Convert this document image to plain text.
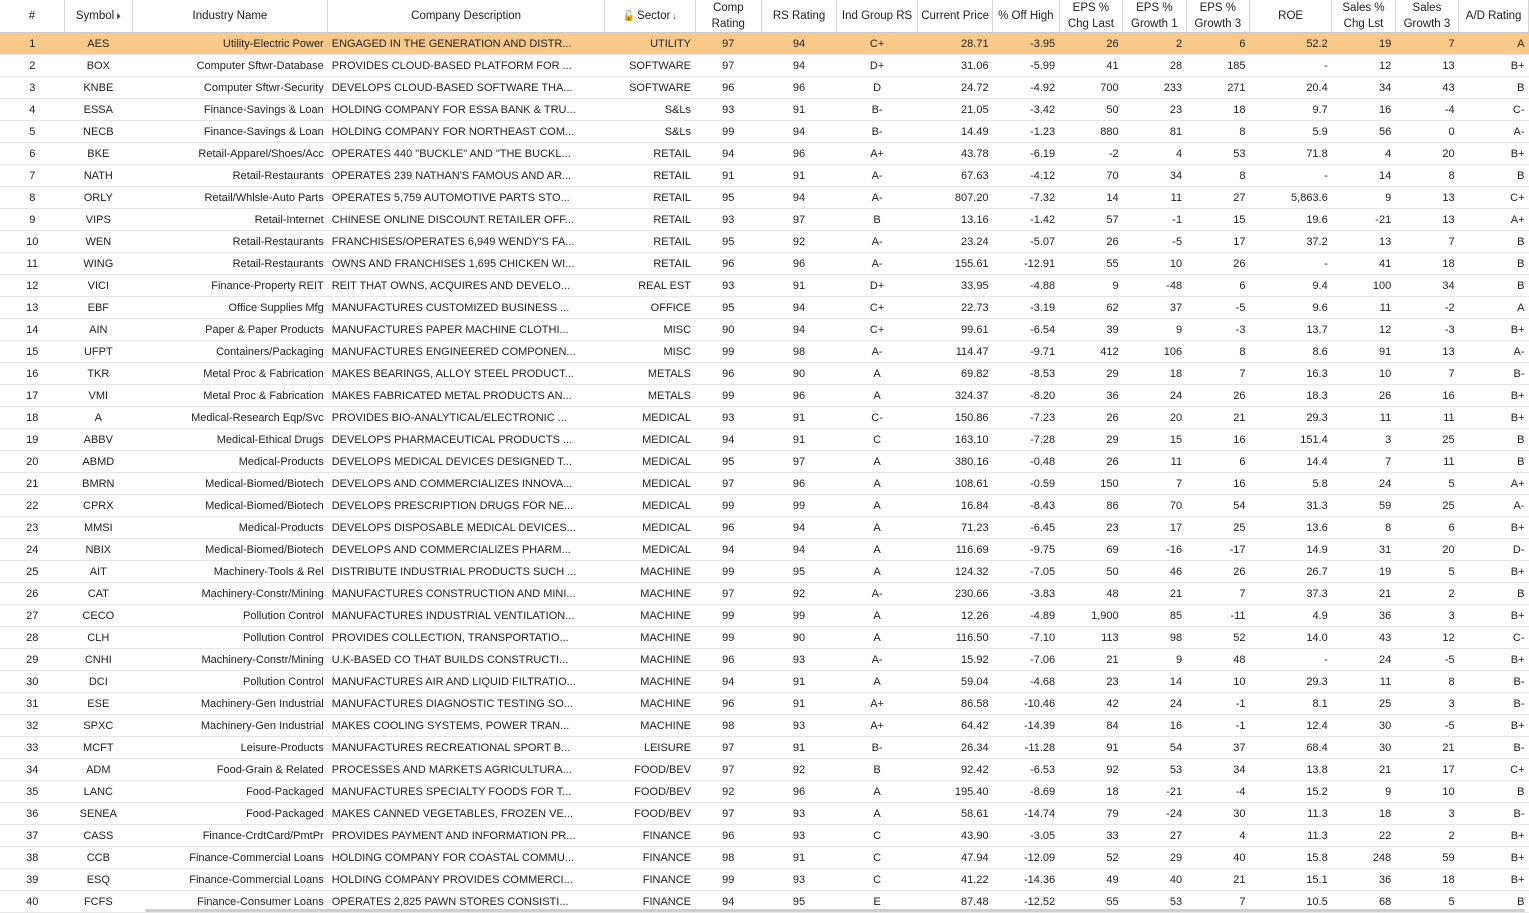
#	Symbol ⏵	Industry Name	Company Description	🔓 Sector ↓	Comp Rating	RS Rating	Ind Group RS	Current Price	% Off High	EPS % Chg Last	EPS % Growth 1	EPS % Growth 3	ROE	Sales % Chg Lst	Sales Growth 3	A/D Rating
1	AES	Utility-Electric Power	ENGAGED IN THE GENERATION AND DISTR...	UTILITY	97	94	C+	28.71	-3.95	26	2	6	52.2	19	7	A
2	BOX	Computer Sftwr-Database	PROVIDES CLOUD-BASED PLATFORM FOR ...	SOFTWARE	97	94	D+	31.06	-5.99	41	28	185	-	12	13	B+
3	KNBE	Computer Sftwr-Security	DEVELOPS CLOUD-BASED SOFTWARE THA...	SOFTWARE	96	96	D	24.72	-4.92	700	233	271	20.4	34	43	B
4	ESSA	Finance-Savings & Loan	HOLDING COMPANY FOR ESSA BANK & TRU...	S&Ls	93	91	B-	21.05	-3.42	50	23	18	9.7	16	-4	C-
5	NECB	Finance-Savings & Loan	HOLDING COMPANY FOR NORTHEAST COM...	S&Ls	99	94	B-	14.49	-1.23	880	81	8	5.9	56	0	A-
6	BKE	Retail-Apparel/Shoes/Acc	OPERATES 440 "BUCKLE" AND "THE BUCKL...	RETAIL	94	96	A+	43.78	-6.19	-2	4	53	71.8	4	20	B+
7	NATH	Retail-Restaurants	OPERATES 239 NATHAN'S FAMOUS AND AR...	RETAIL	91	91	A-	67.63	-4.12	70	34	8	-	14	8	B
8	ORLY	Retail/Whlsle-Auto Parts	OPERATES 5,759 AUTOMOTIVE PARTS STO...	RETAIL	95	94	A-	807.20	-7.32	14	11	27	5,863.6	9	13	C+
9	VIPS	Retail-Internet	CHINESE ONLINE DISCOUNT RETAILER OFF...	RETAIL	93	97	B	13.16	-1.42	57	-1	15	19.6	-21	13	A+
10	WEN	Retail-Restaurants	FRANCHISES/OPERATES 6,949 WENDY'S FA...	RETAIL	95	92	A-	23.24	-5.07	26	-5	17	37.2	13	7	B
11	WING	Retail-Restaurants	OWNS AND FRANCHISES 1,695 CHICKEN WI...	RETAIL	96	96	A-	155.61	-12.91	55	10	26	-	41	18	B
12	VICI	Finance-Property REIT	REIT THAT OWNS, ACQUIRES AND DEVELO...	REAL EST	93	91	D+	33.95	-4.88	9	-48	6	9.4	100	34	B
13	EBF	Office Supplies Mfg	MANUFACTURES CUSTOMIZED BUSINESS ...	OFFICE	95	94	C+	22.73	-3.19	62	37	-5	9.6	11	-2	A
14	AIN	Paper & Paper Products	MANUFACTURES PAPER MACHINE CLOTHI...	MISC	90	94	C+	99.61	-6.54	39	9	-3	13.7	12	-3	B+
15	UFPT	Containers/Packaging	MANUFACTURES ENGINEERED COMPONEN...	MISC	99	98	A-	114.47	-9.71	412	106	8	8.6	91	13	A-
16	TKR	Metal Proc & Fabrication	MAKES BEARINGS, ALLOY STEEL PRODUCT...	METALS	96	90	A	69.82	-8.53	29	18	7	16.3	10	7	B-
17	VMI	Metal Proc & Fabrication	MAKES FABRICATED METAL PRODUCTS AN...	METALS	99	96	A	324.37	-8.20	36	24	26	18.3	26	16	B+
18	A	Medical-Research Eqp/Svc	PROVIDES BIO-ANALYTICAL/ELECTRONIC ...	MEDICAL	93	91	C-	150.86	-7.23	26	20	21	29.3	11	11	B+
19	ABBV	Medical-Ethical Drugs	DEVELOPS PHARMACEUTICAL PRODUCTS ...	MEDICAL	94	91	C	163.10	-7.28	29	15	16	151.4	3	25	B
20	ABMD	Medical-Products	DEVELOPS MEDICAL DEVICES DESIGNED T...	MEDICAL	95	97	A	380.16	-0.48	26	11	6	14.4	7	11	B
21	BMRN	Medical-Biomed/Biotech	DEVELOPS AND COMMERCIALIZES INNOVA...	MEDICAL	97	96	A	108.61	-0.59	150	7	16	5.8	24	5	A+
22	CPRX	Medical-Biomed/Biotech	DEVELOPS PRESCRIPTION DRUGS FOR NE...	MEDICAL	99	99	A	16.84	-8.43	86	70	54	31.3	59	25	A-
23	MMSI	Medical-Products	DEVELOPS DISPOSABLE MEDICAL DEVICES...	MEDICAL	96	94	A	71.23	-6.45	23	17	25	13.6	8	6	B+
24	NBIX	Medical-Biomed/Biotech	DEVELOPS AND COMMERCIALIZES PHARM...	MEDICAL	94	94	A	116.69	-9.75	69	-16	-17	14.9	31	20	D-
25	AIT	Machinery-Tools & Rel	DISTRIBUTE INDUSTRIAL PRODUCTS SUCH ...	MACHINE	99	95	A	124.32	-7.05	50	46	26	26.7	19	5	B+
26	CAT	Machinery-Constr/Mining	MANUFACTURES CONSTRUCTION AND MINI...	MACHINE	97	92	A-	230.66	-3.83	48	21	7	37.3	21	2	B
27	CECO	Pollution Control	MANUFACTURES INDUSTRIAL VENTILATION...	MACHINE	99	99	A	12.26	-4.89	1,900	85	-11	4.9	36	3	B+
28	CLH	Pollution Control	PROVIDES COLLECTION, TRANSPORTATIO...	MACHINE	99	90	A	116.50	-7.10	113	98	52	14.0	43	12	C-
29	CNHI	Machinery-Constr/Mining	U.K-BASED CO THAT BUILDS CONSTRUCTI...	MACHINE	96	93	A-	15.92	-7.06	21	9	48	-	24	-5	B+
30	DCI	Pollution Control	MANUFACTURES AIR AND LIQUID FILTRATIO...	MACHINE	94	91	A	59.04	-4.68	23	14	10	29.3	11	8	B-
31	ESE	Machinery-Gen Industrial	MANUFACTURES DIAGNOSTIC TESTING SO...	MACHINE	96	91	A+	86.58	-10.46	42	24	-1	8.1	25	3	B-
32	SPXC	Machinery-Gen Industrial	MAKES COOLING SYSTEMS, POWER TRAN...	MACHINE	98	93	A+	64.42	-14.39	84	16	-1	12.4	30	-5	B+
33	MCFT	Leisure-Products	MANUFACTURES RECREATIONAL SPORT B...	LEISURE	97	91	B-	26.34	-11.28	91	54	37	68.4	30	21	B-
34	ADM	Food-Grain & Related	PROCESSES AND MARKETS AGRICULTURA...	FOOD/BEV	97	92	B	92.42	-6.53	92	53	34	13.8	21	17	C+
35	LANC	Food-Packaged	MANUFACTURES SPECIALTY FOODS FOR T...	FOOD/BEV	92	96	A	195.40	-8.69	18	-21	-4	15.2	9	10	B
36	SENEA	Food-Packaged	MAKES CANNED VEGETABLES, FROZEN VE...	FOOD/BEV	97	93	A	58.61	-14.74	79	-24	30	11.3	18	3	B-
37	CASS	Finance-CrdtCard/PmtPr	PROVIDES PAYMENT AND INFORMATION PR...	FINANCE	96	93	C	43.90	-3.05	33	27	4	11.3	22	2	B+
38	CCB	Finance-Commercial Loans	HOLDING COMPANY FOR COASTAL COMMU...	FINANCE	98	91	C	47.94	-12.09	52	29	40	15.8	248	59	B+
39	ESQ	Finance-Commercial Loans	HOLDING COMPANY PROVIDES COMMERCI...	FINANCE	99	93	C	41.22	-14.36	49	40	21	15.1	36	18	B+
40	FCFS	Finance-Consumer Loans	OPERATES 2,825 PAWN STORES CONSISTI...	FINANCE	94	95	E	87.48	-12.52	55	53	7	10.5	68	5	B
